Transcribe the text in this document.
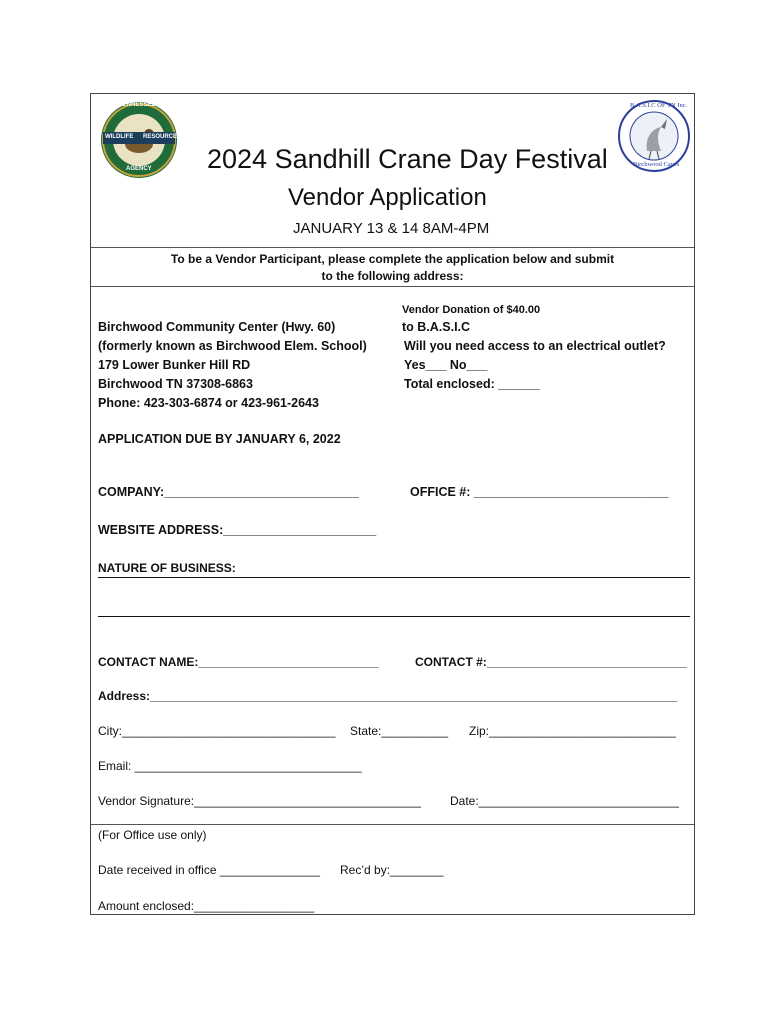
TENNESSEE
WILDLIFE RESOURCES
AGENCY
B.A.S.I.C OF TN Inc.
Birchwood Caves
2024 Sandhill Crane Day Festival
Vendor Application
JANUARY 13 & 14 8AM-4PM
To be a Vendor Participant, please complete the application below and submit
to the following address:
Birchwood Community Center (Hwy. 60)
(formerly known as Birchwood Elem. School)
179 Lower Bunker Hill RD
Birchwood TN 37308-6863
Phone: 423-303-6874 or 423-961-2643
Vendor Donation of $40.00
to B.A.S.I.C
Will you need access to an electrical outlet?
Yes___ No___
Total enclosed: ______
APPLICATION DUE BY JANUARY 6, 2022
COMPANY:____________________________	OFFICE #: ____________________________
WEBSITE ADDRESS:______________________
NATURE OF BUSINESS:
CONTACT NAME:___________________________	CONTACT #:______________________________
Address:_______________________________________________________________________________
City:________________________________ State:__________ Zip:____________________________
Email: __________________________________
Vendor Signature:__________________________________ Date:______________________________
(For Office use only)
Date received in office _______________ Rec’d by:________
Amount enclosed:__________________
